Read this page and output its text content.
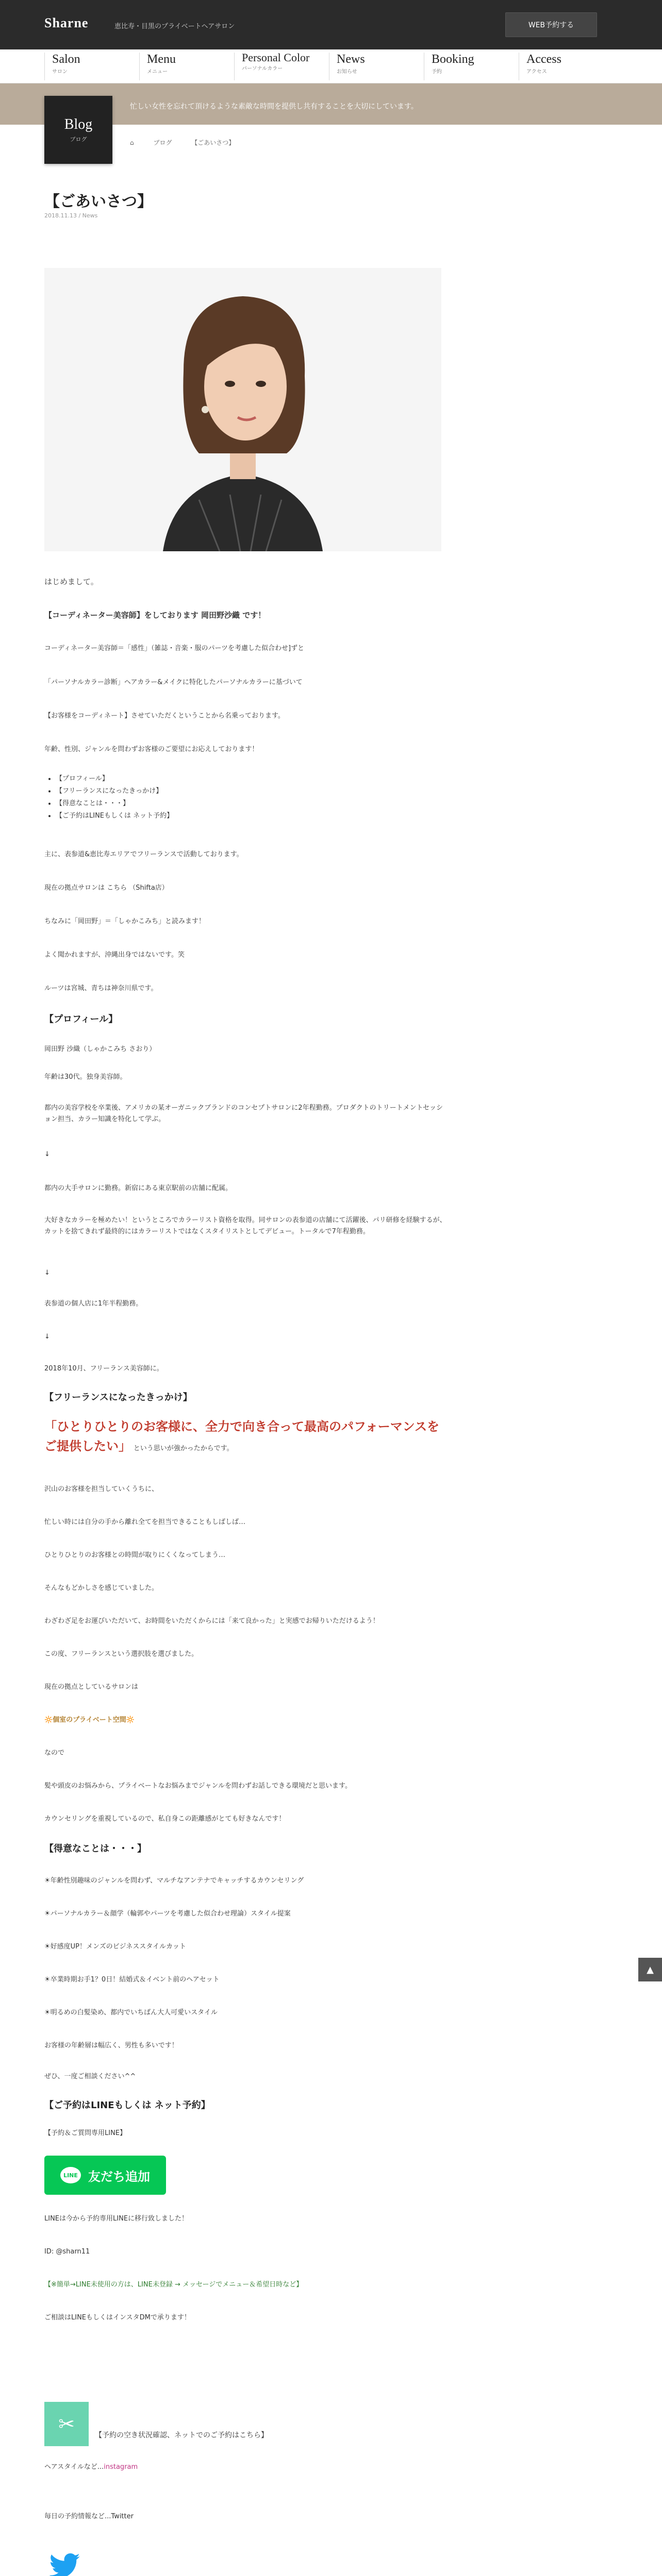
Sharne	恵比寿・目黒のプライベートヘアサロン	WEB予約する
Salon
サロン
Menu
メニュー
Personal Color
パーソナルカラー
News
お知らせ
Booking
予約
Access
アクセス
忙しい女性を忘れて頂けるような素敵な時間を提供し共有することを大切にしています。
Blog
ブログ	⌂	ブログ	【ごあいさつ】
【ごあいさつ】
2018.11.13 / News
はじめまして。
【コーディネーター美容師】をしております 岡田野沙織 です！
コーディネーター美容師＝「感性」（雑誌・音楽・服のパーツを考慮した似合わせ]ずと
「パーソナルカラー診断」ヘアカラー&メイクに特化したパーソナルカラーに基づいて
【お客様をコーディネート】させていただくということから名乗っております。
年齢、性別、ジャンルを問わずお客様のご要望にお応えしております！
• 【プロフィール】
• 【フリーランスになったきっかけ】
• 【得意なことは・・・】
• 【ご予約はLINEもしくは ネット予約】
主に、表参道&恵比寿エリアでフリーランスで活動しております。
現在の拠点サロンは こちら （Shifta店）
ちなみに「岡田野」＝「しゃかこみち」と読みます！
よく聞かれますが、沖縄出身ではないです。笑
ルーツは宮城、青ちは神奈川県です。
【プロフィール】
岡田野 沙織（しゃかこみち さおり）
年齢は30代。独身美容師。
都内の美容学校を卒業後、アメリカの某オーガニックブランドのコンセプトサロンに2年程勤務。プロダクトのトリートメントセッション担当、カラー知識を特化して学ぶ。
↓
都内の大手サロンに勤務。新宿にある東京駅前の店舗に配属。
大好きなカラーを極めたい！というところでカラーリスト資格を取得。同サロンの表参道の店舗にて活躍後、パリ研修を経験するが、カットを捨てきれず最終的にはカラーリストではなくスタイリストとしてデビュー。トータルで7年程勤務。
↓
表参道の個人店に1年半程勤務。
↓
2018年10月、フリーランス美容師に。
【フリーランスになったきっかけ】
「ひとりひとりのお客様に、全力で向き合って最高のパフォーマンスをご提供したい」 という思いが強かったからです。
沢山のお客様を担当していくうちに、
忙しい時には自分の手から離れ全てを担当できることもしばしば…
ひとりひとりのお客様との時間が取りにくくなってしまう…
そんなもどかしさを感じていました。
わざわざ足をお運びいただいて、お時間をいただくからには「来て良かった」と実感でお帰りいただけるよう！
この度、フリーランスという選択肢を選びました。
現在の拠点としているサロンは
🔆個室のプライベート空間🔆
なので
髪や頭皮のお悩みから、プライベートなお悩みまでジャンルを問わずお話しできる環境だと思います。
カウンセリングを重視しているので、私自身この距離感がとても好きなんです！
【得意なことは・・・】
☀年齢性別趣味のジャンルを問わず、マルチなアンテナでキャッチするカウンセリング
☀パーソナルカラー＆顔学（輪郭やパーツを考慮した似合わせ理論）スタイル提案
☀好感度UP！メンズのビジネススタイルカット
☀卒業時期お手1？0日！結婚式＆イベント前のヘアセット
☀明るめの白髪染め、都内でいちばん大人可愛いスタイル
お客様の年齢層は幅広く、男性も多いです！
ぜひ、一度ご相談ください^^
【ご予約はLINEもしくは ネット予約】
【予約＆ご質問専用LINE】
LINE 友だち追加
LINEは今から予約専用LINEに移行致しました！
ID: @sharn11
【※簡単→LINE未使用の方は、LINE未登録 → メッセージでメニュー＆希望日時など】
ご相談はLINEもしくはインスタDMで承ります！
✂	【予約の空き状況確認、ネットでのご予約はこちら】
ヘアスタイルなど...instagram
毎日の予約情報など...Twitter
▲
